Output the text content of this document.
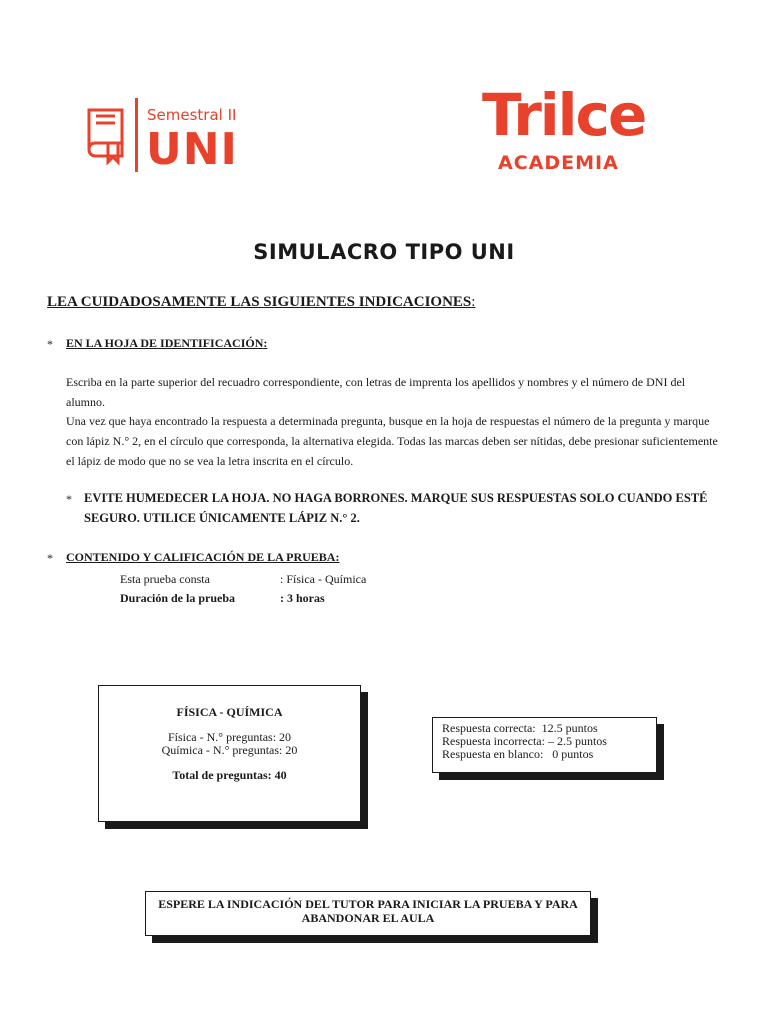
Semestral II
UNI
Trilce
ACADEMIA
SIMULACRO TIPO UNI
LEA CUIDADOSAMENTE LAS SIGUIENTES INDICACIONES:
* EN LA HOJA DE IDENTIFICACIÓN:
Escriba en la parte superior del recuadro correspondiente, con letras de imprenta los apellidos y nombres y el número de DNI del alumno.
Una vez que haya encontrado la respuesta a determinada pregunta, busque en la hoja de respuestas el número de la pregunta y marque con lápiz N.° 2, en el círculo que corresponda, la alternativa elegida. Todas las marcas deben ser nítidas, debe presionar suficientemente el lápiz de modo que no se vea la letra inscrita en el círculo.
* EVITE HUMEDECER LA HOJA. NO HAGA BORRONES. MARQUE SUS RESPUESTAS SOLO CUANDO ESTÉ SEGURO. UTILICE ÚNICAMENTE LÁPIZ N.° 2.
* CONTENIDO Y CALIFICACIÓN DE LA PRUEBA:
Esta prueba consta	: Física - Química
Duración de la prueba	: 3 horas
FÍSICA - QUÍMICA
Física - N.° preguntas: 20
Química - N.° preguntas: 20
Total de preguntas: 40
Respuesta correcta:  12.5 puntos
Respuesta incorrecta: – 2.5 puntos
Respuesta en blanco:   0 puntos
ESPERE LA INDICACIÓN DEL TUTOR PARA INICIAR LA PRUEBA Y PARA ABANDONAR EL AULA
